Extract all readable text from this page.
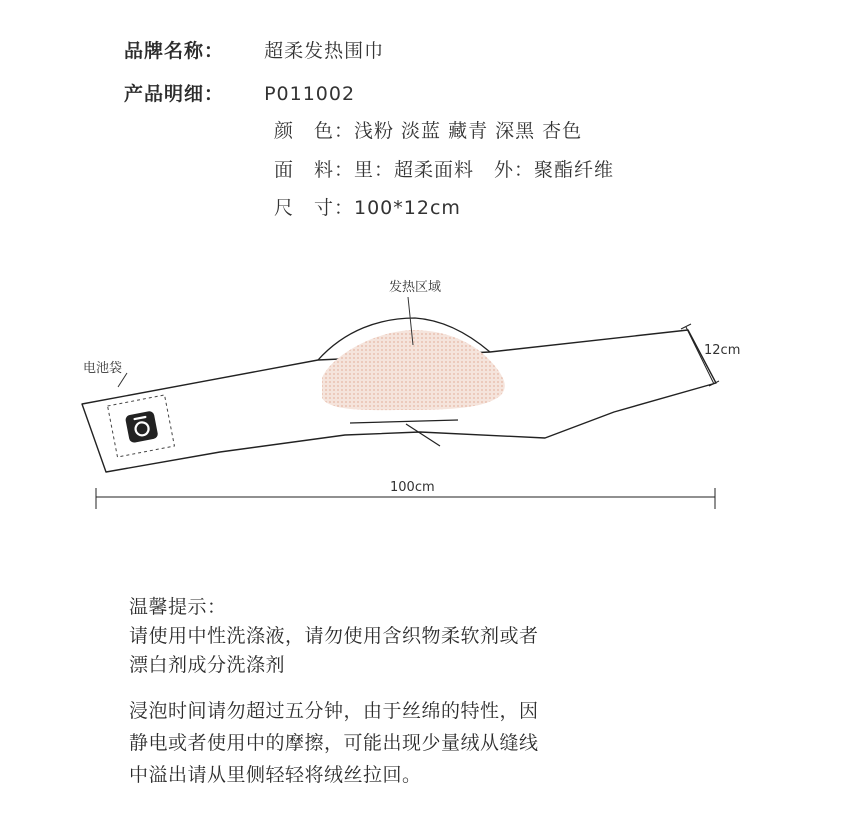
品牌名称： 超柔发热围巾
产品明细： P011002
颜　色：浅粉 淡蓝 藏青 深黑 杏色
面　料：里：超柔面料　外：聚酯纤维
尺　寸：100*12cm
发热区域
电池袋
12cm
100cm
温馨提示：
请使用中性洗涤液，请勿使用含织物柔软剂或者
漂白剂成分洗涤剂
浸泡时间请勿超过五分钟，由于丝绵的特性，因
静电或者使用中的摩擦，可能出现少量绒从缝线
中溢出请从里侧轻轻将绒丝拉回。
